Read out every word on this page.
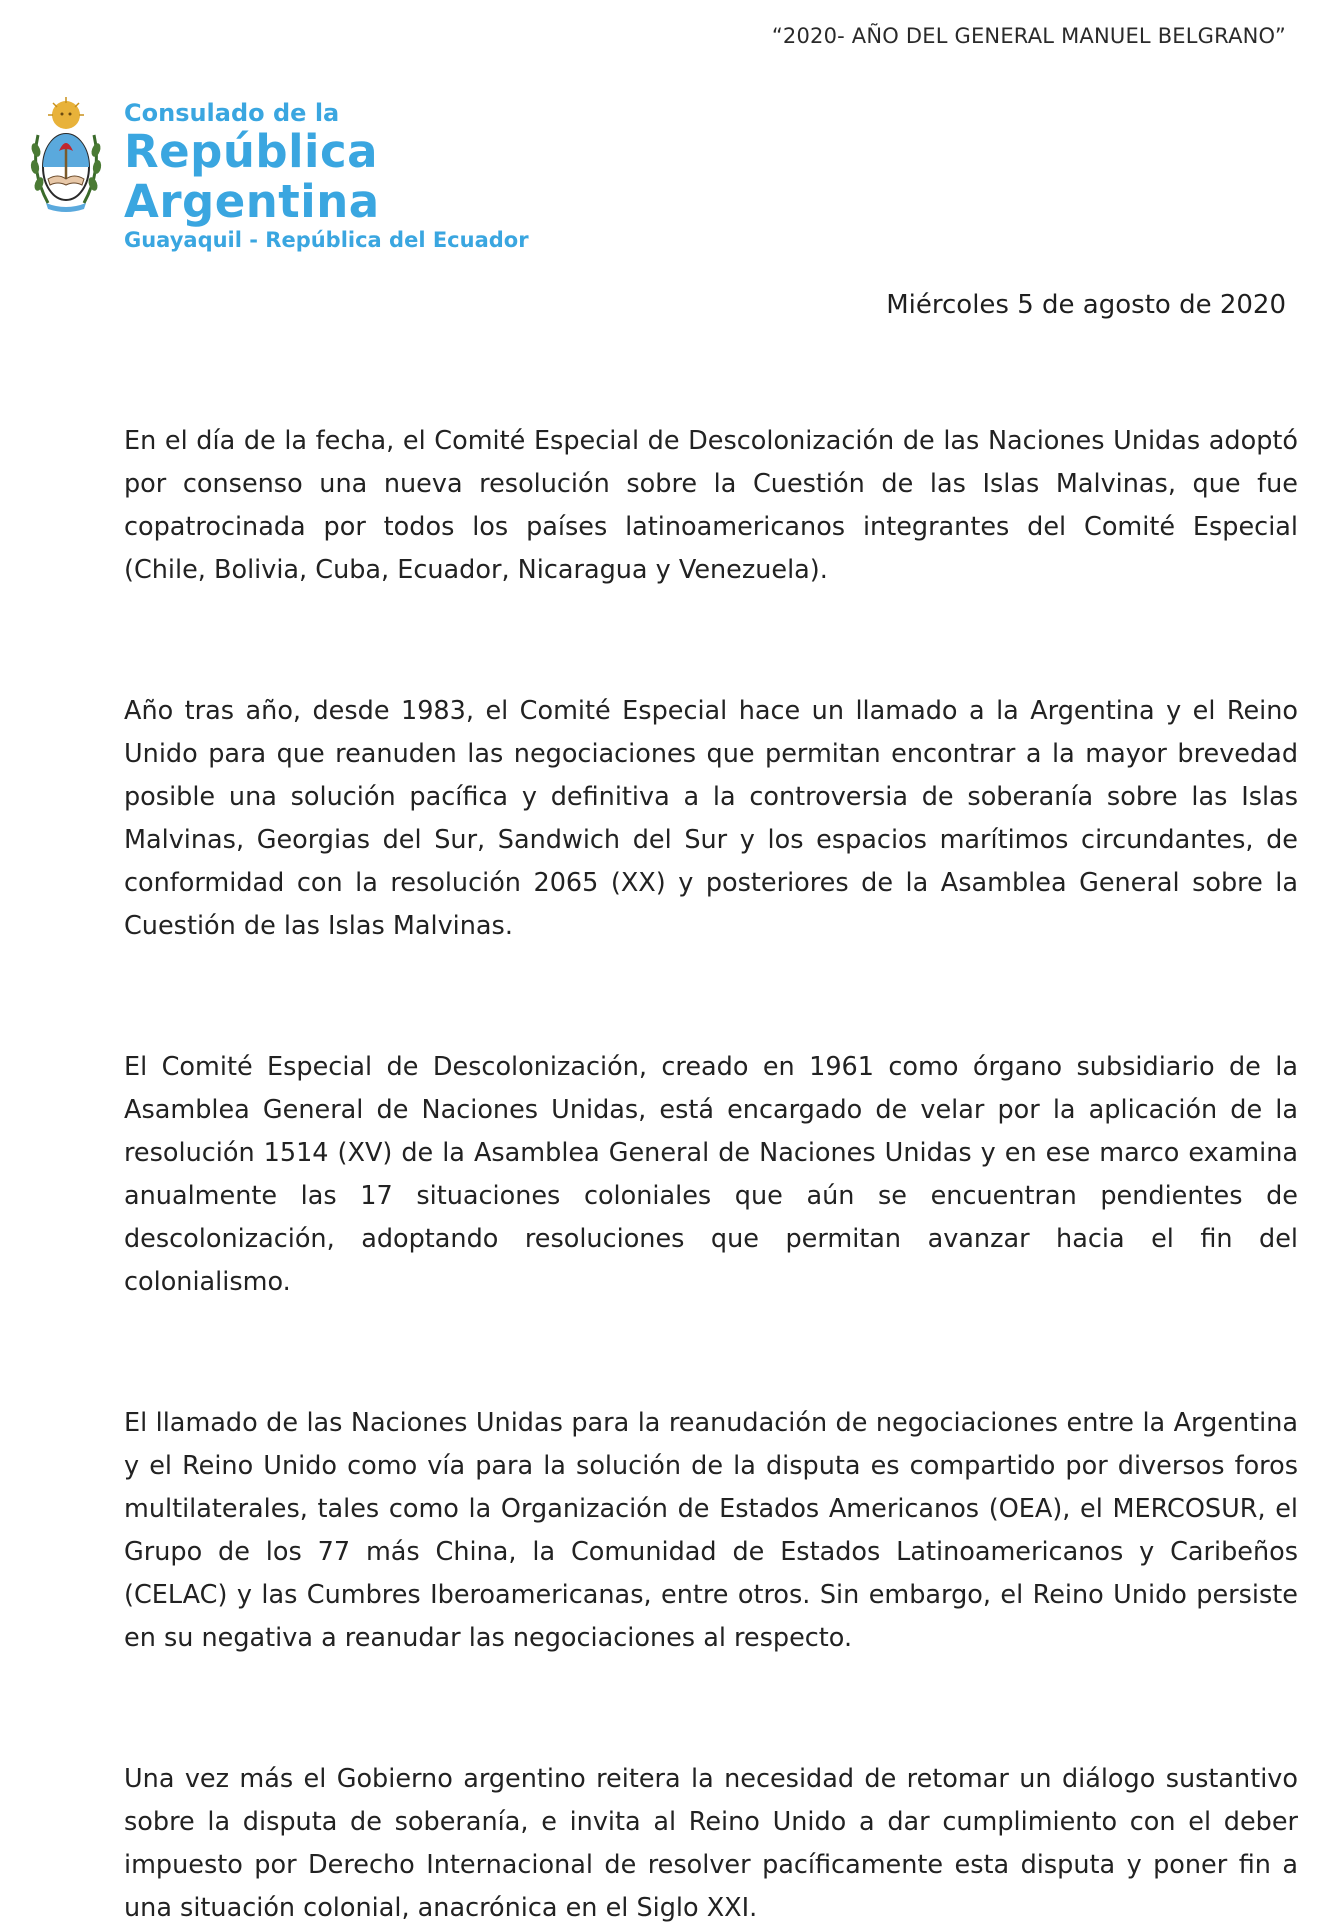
“2020- AÑO DEL GENERAL MANUEL BELGRANO”
Consulado de la
República Argentina
Guayaquil - República del Ecuador
Miércoles 5 de agosto de 2020

En el día de la fecha, el Comité Especial de Descolonización de las Naciones Unidas adoptó por consenso una nueva resolución sobre la Cuestión de las Islas Malvinas, que fue copatrocinada por todos los países latinoamericanos integrantes del Comité Especial (Chile, Bolivia, Cuba, Ecuador, Nicaragua y Venezuela).

Año tras año, desde 1983, el Comité Especial hace un llamado a la Argentina y el Reino Unido para que reanuden las negociaciones que permitan encontrar a la mayor brevedad posible una solución pacífica y definitiva a la controversia de soberanía sobre las Islas Malvinas, Georgias del Sur, Sandwich del Sur y los espacios marítimos circundantes, de conformidad con la resolución 2065 (XX) y posteriores de la Asamblea General sobre la Cuestión de las Islas Malvinas.

El Comité Especial de Descolonización, creado en 1961 como órgano subsidiario de la Asamblea General de Naciones Unidas, está encargado de velar por la aplicación de la resolución 1514 (XV) de la Asamblea General de Naciones Unidas y en ese marco examina anualmente las 17 situaciones coloniales que aún se encuentran pendientes de descolonización, adoptando resoluciones que permitan avanzar hacia el fin del colonialismo.

El llamado de las Naciones Unidas para la reanudación de negociaciones entre la Argentina y el Reino Unido como vía para la solución de la disputa es compartido por diversos foros multilaterales, tales como la Organización de Estados Americanos (OEA), el MERCOSUR, el Grupo de los 77 más China, la Comunidad de Estados Latinoamericanos y Caribeños (CELAC) y las Cumbres Iberoamericanas, entre otros. Sin embargo, el Reino Unido persiste en su negativa a reanudar las negociaciones al respecto.

Una vez más el Gobierno argentino reitera la necesidad de retomar un diálogo sustantivo sobre la disputa de soberanía, e invita al Reino Unido a dar cumplimiento con el deber impuesto por Derecho Internacional de resolver pacíficamente esta disputa y poner fin a una situación colonial, anacrónica en el Siglo XXI.
